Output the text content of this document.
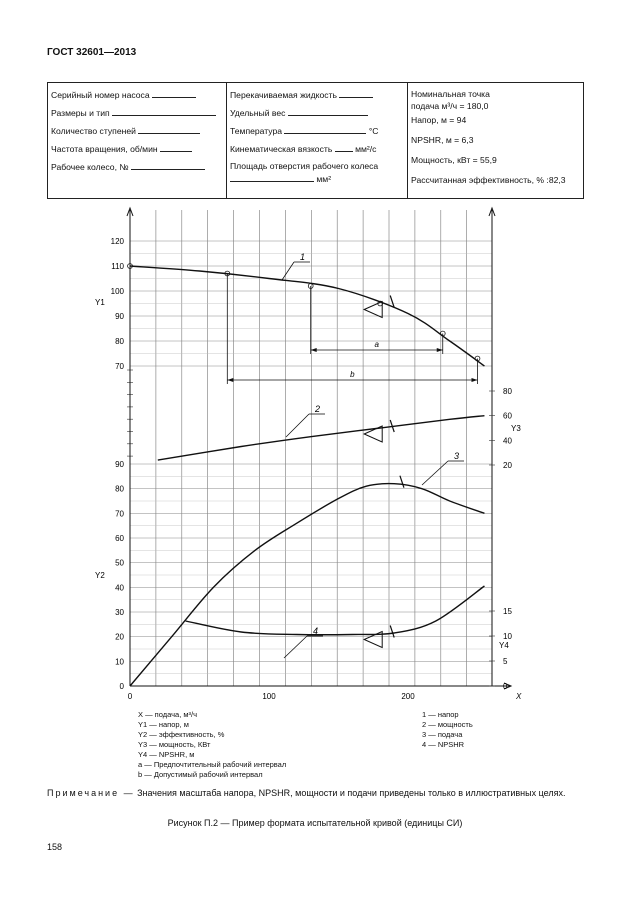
ГОСТ 32601—2013
Серийный номер насоса
Размеры и тип
Количество ступеней
Частота вращения, об/мин
Рабочее колесо, №

Перекачиваемая жидкость
Удельный вес
Температура	°C
Кинематическая вязкость	мм²/с
Площадь отверстия рабочего колеса  мм²

Номинальная точка
подача м³/ч = 180,0
Напор, м = 94
NPSHR, м = 6,3
Мощность, кВт = 55,9
Рассчитанная эффективность, % :82,3
0	100	200	X
70
80
90
100
110
120
0
10
20
30
40
50
60
70
80
90
Y1
Y2
20
40
60
80
0
5
10
15
Y3
Y4
1
2
3
4
a
b
X — подача, м³/ч
Y1 — напор, м
Y2 — эффективность, %
Y3 — мощность, КВт
Y4 — NPSHR, м
a — Предпочтительный рабочий интервал
b — Допустимый рабочий интервал
1 — напор
2 — мощность
3 — подача
4 — NPSHR
Примечание — Значения масштаба напора, NPSHR, мощности и подачи приведены только в иллюстративных целях.
Рисунок П.2 — Пример формата испытательной кривой (единицы СИ)
158
